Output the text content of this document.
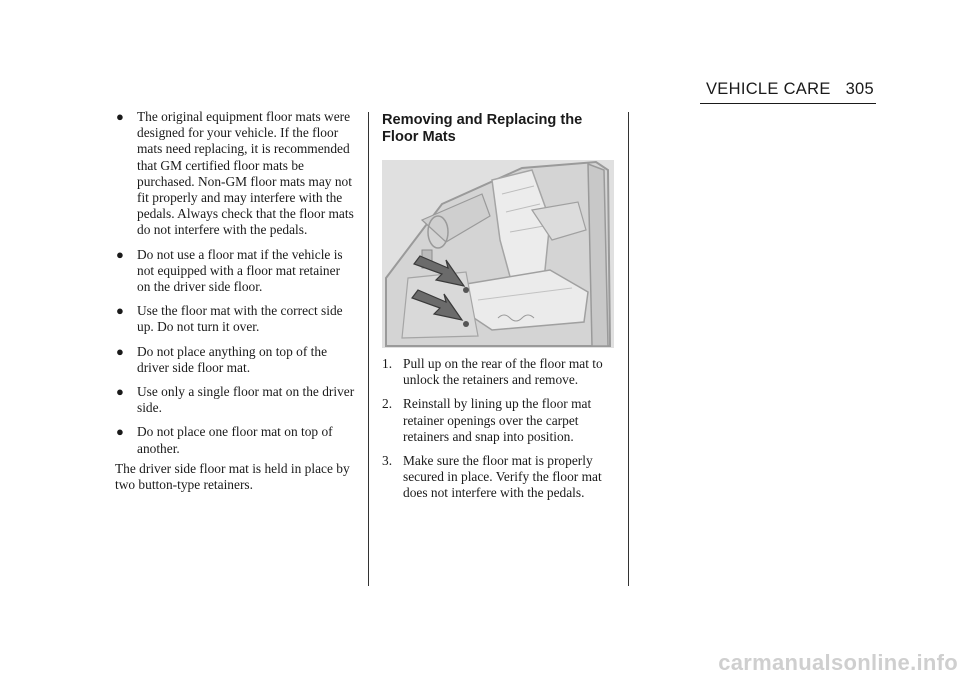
VEHICLE CARE 305
● The original equipment floor mats were designed for your vehicle. If the floor mats need replacing, it is recommended that GM certified floor mats be purchased. Non-GM floor mats may not fit properly and may interfere with the pedals. Always check that the floor mats do not interfere with the pedals.
● Do not use a floor mat if the vehicle is not equipped with a floor mat retainer on the driver side floor.
● Use the floor mat with the correct side up. Do not turn it over.
● Do not place anything on top of the driver side floor mat.
● Use only a single floor mat on the driver side.
● Do not place one floor mat on top of another.

The driver side floor mat is held in place by two button-type retainers.

Removing and Replacing the Floor Mats
1. Pull up on the rear of the floor mat to unlock the retainers and remove.
2. Reinstall by lining up the floor mat retainer openings over the carpet retainers and snap into position.
3. Make sure the floor mat is properly secured in place. Verify the floor mat does not interfere with the pedals.
carmanualsonline.info
